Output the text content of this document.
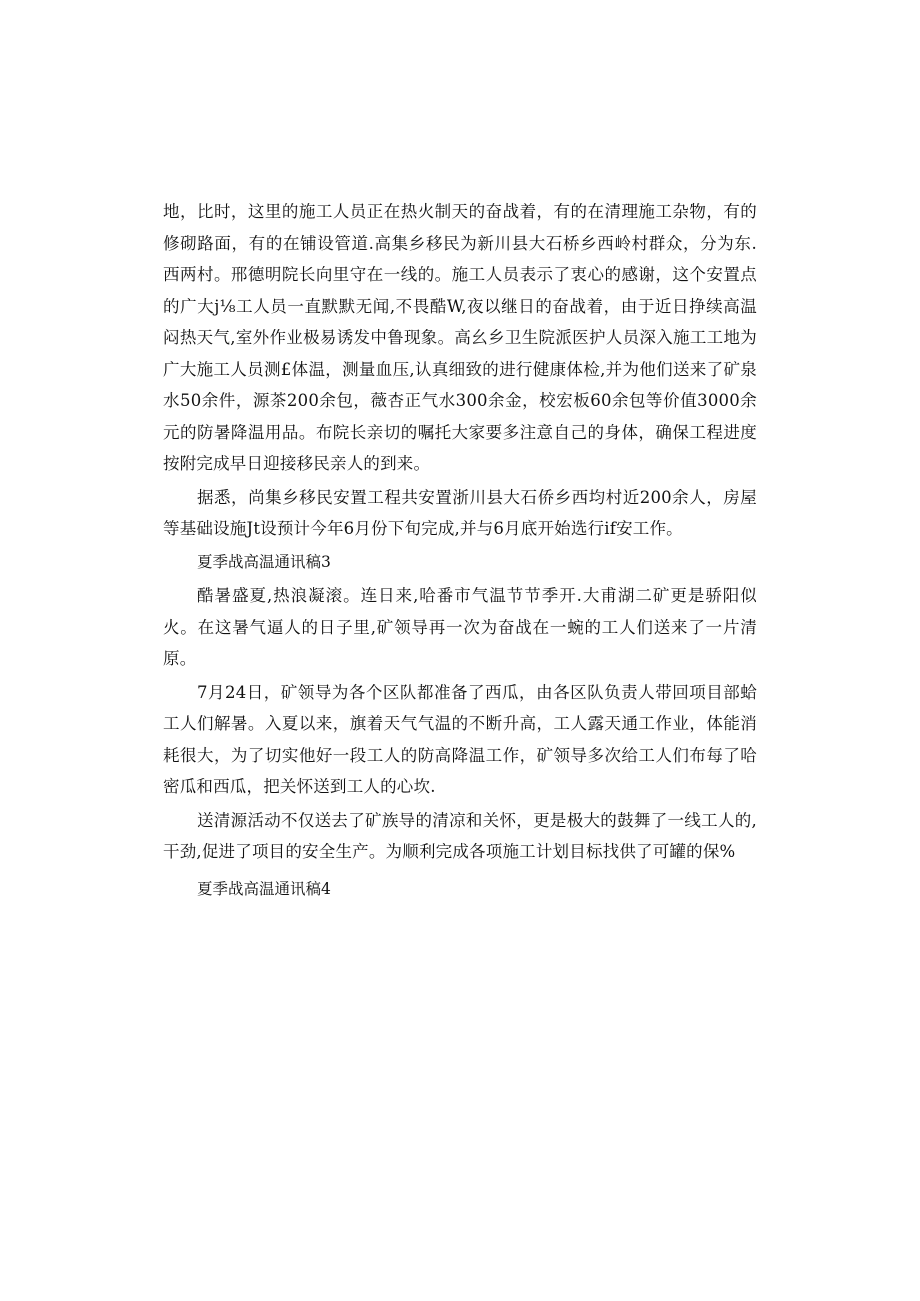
地，比时，这里的施工人员正在热火制天的奋战着，有的在清理施工杂物，有的修砌路面，有的在铺设管道.高集乡移民为新川县大石桥乡西岭村群众，分为东.西两村。邢德明院长向里守在一线的。施工人员表示了衷心的感谢，这个安置点的广大j⅛工人员一直默默无闻,不畏酷W,夜以继日的奋战着，由于近日挣续高温闷热天气,室外作业极易诱发中鲁现象。高幺乡卫生院派医护人员深入施工工地为广大施工人员测£体温，测量血压,认真细致的进行健康体检,并为他们送来了矿泉水50余件，源茶200余包，薇杏正气水300余金，校宏板60余包等价值3000余元的防暑降温用品。布院长亲切的嘱托大家要多注意自己的身体，确保工程进度按附完成早日迎接移民亲人的到来。

据悉，尚集乡移民安置工程共安置浙川县大石侨乡西均村近200余人，房屋等基础设施Jt设预计今年6月份下旬完成,并与6月底开始选行if安工作。

夏季战高温通讯稿3

酷暑盛夏,热浪凝滚。连日来,哈番市气温节节季开.大甫湖二矿更是骄阳似火。在这暑气逼人的日子里,矿领导再一次为奋战在一蜿的工人们送来了一片清原。

7月24日，矿领导为各个区队都准备了西瓜，由各区队负责人带回项目部蛤工人们解暑。入夏以来，旗着天气气温的不断升高，工人露天通工作业，体能消耗很大，为了切实他好一段工人的防高降温工作，矿领导多次给工人们布每了哈密瓜和西瓜，把关怀送到工人的心坎.

送清源活动不仅送去了矿族导的清凉和关怀，更是极大的鼓舞了一线工人的,干劲,促进了项目的安全生产。为顺利完成各项施工计划目标找供了可罐的保%

夏季战高温通讯稿4
